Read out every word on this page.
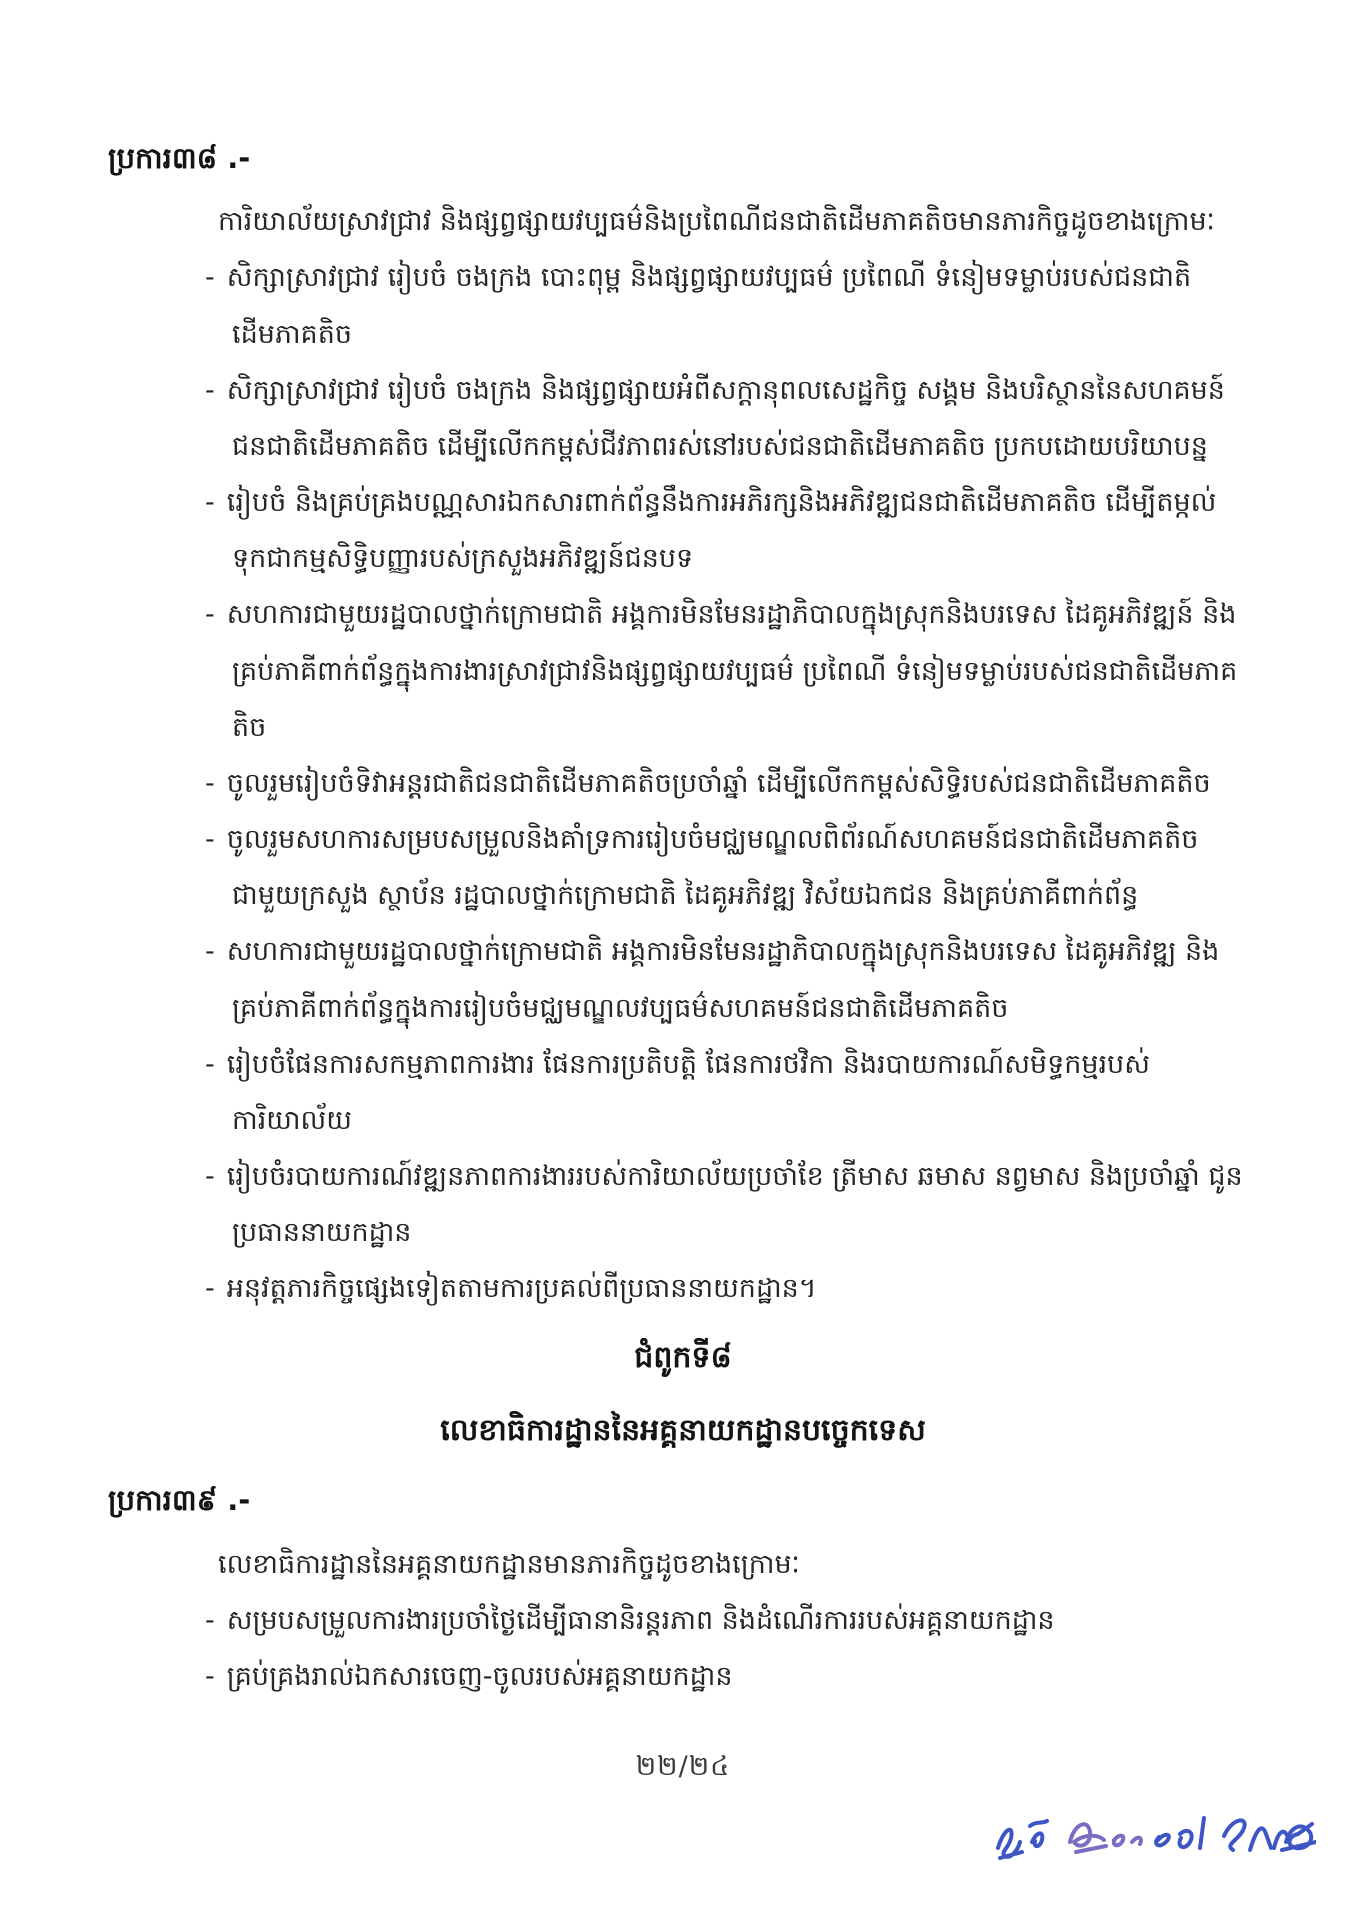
ប្រការ៣៨ .-

ការិយាល័យស្រាវជ្រាវ និងផ្សព្វផ្សាយវប្បធម៌និងប្រពៃណីជនជាតិដើមភាគតិចមានភារកិច្ចដូចខាងក្រោមៈ

- សិក្សាស្រាវជ្រាវ រៀបចំ ចងក្រង បោះពុម្ព និងផ្សព្វផ្សាយវប្បធម៌ ប្រពៃណី ទំនៀមទម្លាប់របស់ជនជាតិដើមភាគតិច
- សិក្សាស្រាវជ្រាវ រៀបចំ ចងក្រង និងផ្សព្វផ្សាយអំពីសក្ដានុពលសេដ្ឋកិច្ច សង្គម និងបរិស្ថាននៃសហគមន៍ជនជាតិដើមភាគតិច ដើម្បីលើកកម្ពស់ជីវភាពរស់នៅរបស់ជនជាតិដើមភាគតិច ប្រកបដោយបរិយាបន្ន
- រៀបចំ និងគ្រប់គ្រងបណ្ណសារឯកសារពាក់ព័ន្ធនឹងការអភិរក្សនិងអភិវឌ្ឍជនជាតិដើមភាគតិច ដើម្បីតម្កល់ទុកជាកម្មសិទ្ធិបញ្ញារបស់ក្រសួងអភិវឌ្ឍន៍ជនបទ
- សហការជាមួយរដ្ឋបាលថ្នាក់ក្រោមជាតិ អង្គការមិនមែនរដ្ឋាភិបាលក្នុងស្រុកនិងបរទេស ដៃគូអភិវឌ្ឍន៍ និងគ្រប់ភាគីពាក់ព័ន្ធក្នុងការងារស្រាវជ្រាវនិងផ្សព្វផ្សាយវប្បធម៌ ប្រពៃណី ទំនៀមទម្លាប់របស់ជនជាតិដើមភាគតិច
- ចូលរួមរៀបចំទិវាអន្តរជាតិជនជាតិដើមភាគតិចប្រចាំឆ្នាំ ដើម្បីលើកកម្ពស់សិទ្ធិរបស់ជនជាតិដើមភាគតិច
- ចូលរួមសហការសម្របសម្រួលនិងគាំទ្រការរៀបចំមជ្ឈមណ្ឌលពិព័រណ៍សហគមន៍ជនជាតិដើមភាគតិចជាមួយក្រសួង ស្ថាប័ន រដ្ឋបាលថ្នាក់ក្រោមជាតិ ដៃគូអភិវឌ្ឍ វិស័យឯកជន និងគ្រប់ភាគីពាក់ព័ន្ធ
- សហការជាមួយរដ្ឋបាលថ្នាក់ក្រោមជាតិ អង្គការមិនមែនរដ្ឋាភិបាលក្នុងស្រុកនិងបរទេស ដៃគូអភិវឌ្ឍ និងគ្រប់ភាគីពាក់ព័ន្ធក្នុងការរៀបចំមជ្ឈមណ្ឌលវប្បធម៌សហគមន៍ជនជាតិដើមភាគតិច
- រៀបចំផែនការសកម្មភាពការងារ ផែនការប្រតិបត្តិ ផែនការថវិកា និងរបាយការណ៍សមិទ្ធកម្មរបស់ការិយាល័យ
- រៀបចំរបាយការណ៍វឌ្ឍនភាពការងាររបស់ការិយាល័យប្រចាំខែ ត្រីមាស ឆមាស នព្វមាស និងប្រចាំឆ្នាំ ជូនប្រធាននាយកដ្ឋាន
- អនុវត្តភារកិច្ចផ្សេងទៀតតាមការប្រគល់ពីប្រធាននាយកដ្ឋាន។
ជំពូកទី៨
លេខាធិការដ្ឋាននៃអគ្គនាយកដ្ឋានបច្ចេកទេស
ប្រការ៣៩ .-

លេខាធិការដ្ឋាននៃអគ្គនាយកដ្ឋានមានភារកិច្ចដូចខាងក្រោមៈ

- សម្របសម្រួលការងារប្រចាំថ្ងៃដើម្បីធានានិរន្តរភាព និងដំណើរការរបស់អគ្គនាយកដ្ឋាន
- គ្រប់គ្រងរាល់ឯកសារចេញ-ចូលរបស់អគ្គនាយកដ្ឋាន
២២/២៤
